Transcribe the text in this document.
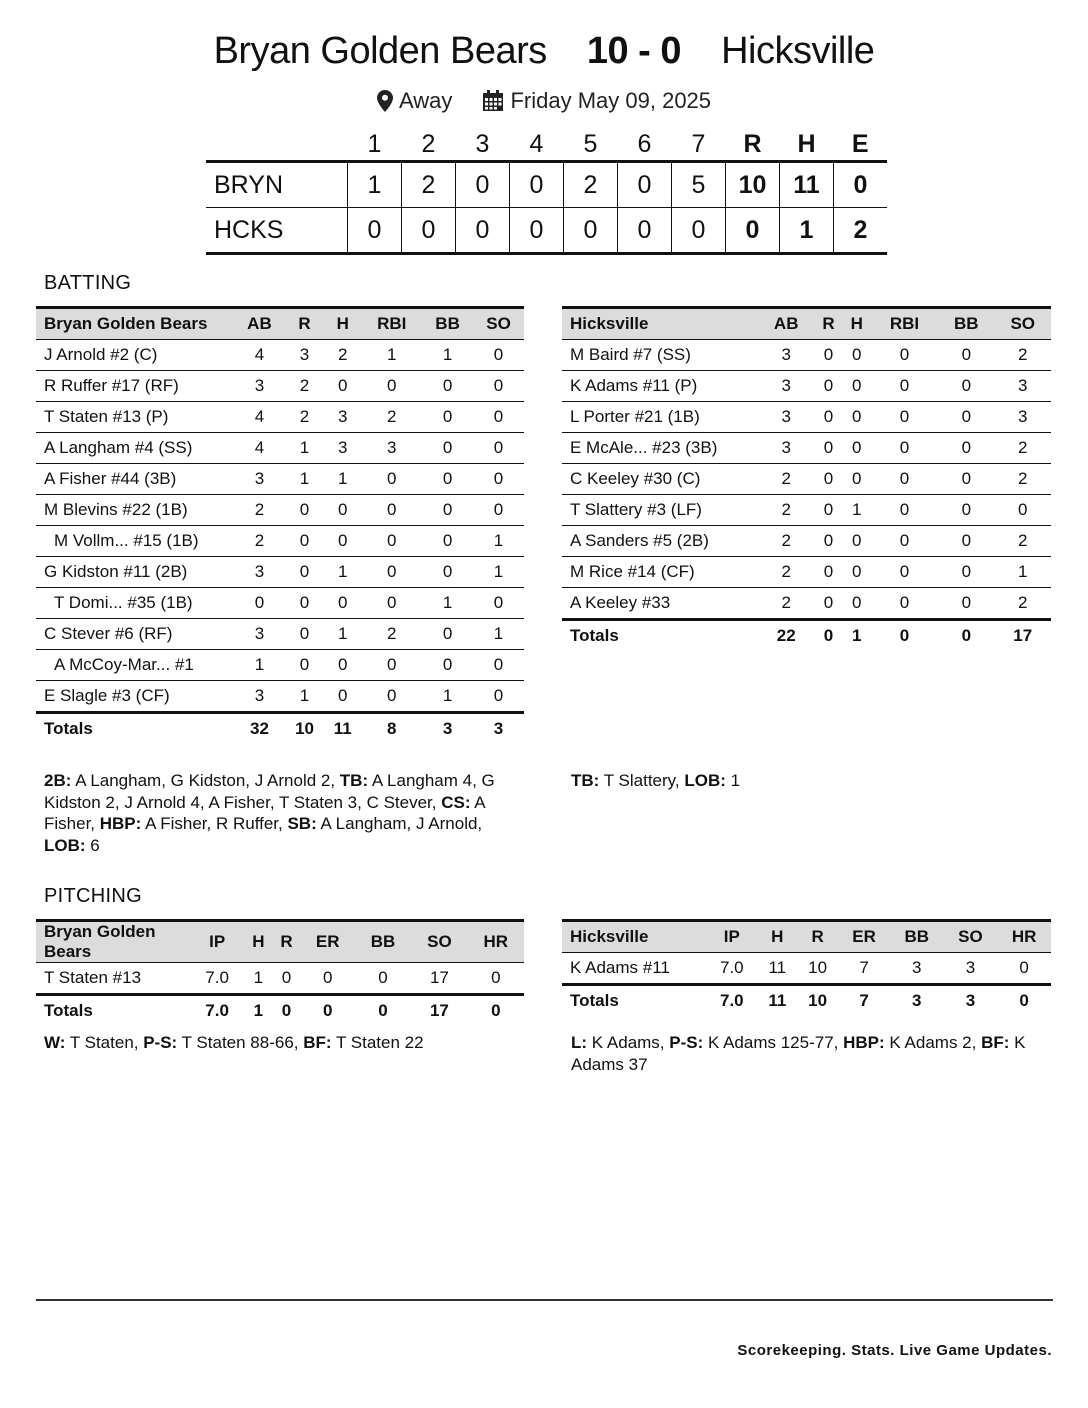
Bryan Golden Bears 10 - 0 Hicksville
Away
	Friday May 09, 2025
	1	2	3	4	5	6	7	R	H	E
BRYN	1	2	0	0	2	0	5	10	11	0
HCKS	0	0	0	0	0	0	0	0	1	2
BATTING
Bryan Golden Bears	AB	R	H	RBI	BB	SO
J Arnold #2 (C)	4	3	2	1	1	0
R Ruffer #17 (RF)	3	2	0	0	0	0
T Staten #13 (P)	4	2	3	2	0	0
A Langham #4 (SS)	4	1	3	3	0	0
A Fisher #44 (3B)	3	1	1	0	0	0
M Blevins #22 (1B)	2	0	0	0	0	0
M Vollm... #15 (1B)	2	0	0	0	0	1
G Kidston #11 (2B)	3	0	1	0	0	1
T Domi... #35 (1B)	0	0	0	0	1	0
C Stever #6 (RF)	3	0	1	2	0	1
A McCoy-Mar... #1	1	0	0	0	0	0
E Slagle #3 (CF)	3	1	0	0	1	0
Totals	32	10	11	8	3	3
Hicksville	AB	R	H	RBI	BB	SO
M Baird #7 (SS)	3	0	0	0	0	2
K Adams #11 (P)	3	0	0	0	0	3
L Porter #21 (1B)	3	0	0	0	0	3
E McAle... #23 (3B)	3	0	0	0	0	2
C Keeley #30 (C)	2	0	0	0	0	2
T Slattery #3 (LF)	2	0	1	0	0	0
A Sanders #5 (2B)	2	0	0	0	0	2
M Rice #14 (CF)	2	0	0	0	0	1
A Keeley #33	2	0	0	0	0	2
Totals	22	0	1	0	0	17
2B: A Langham, G Kidston, J Arnold 2, TB: A Langham 4, G Kidston 2, J Arnold 4, A Fisher, T Staten 3, C Stever, CS: A Fisher, HBP: A Fisher, R Ruffer, SB: A Langham, J Arnold, LOB: 6
TB: T Slattery, LOB: 1
PITCHING
Bryan Golden Bears	IP	H	R	ER	BB	SO	HR
T Staten #13	7.0	1	0	0	0	17	0
Totals	7.0	1	0	0	0	17	0
Hicksville	IP	H	R	ER	BB	SO	HR
K Adams #11	7.0	11	10	7	3	3	0
Totals	7.0	11	10	7	3	3	0
W: T Staten, P-S: T Staten 88-66, BF: T Staten 22	L: K Adams, P-S: K Adams 125-77, HBP: K Adams 2, BF: K Adams 37
Scorekeeping. Stats. Live Game Updates.
